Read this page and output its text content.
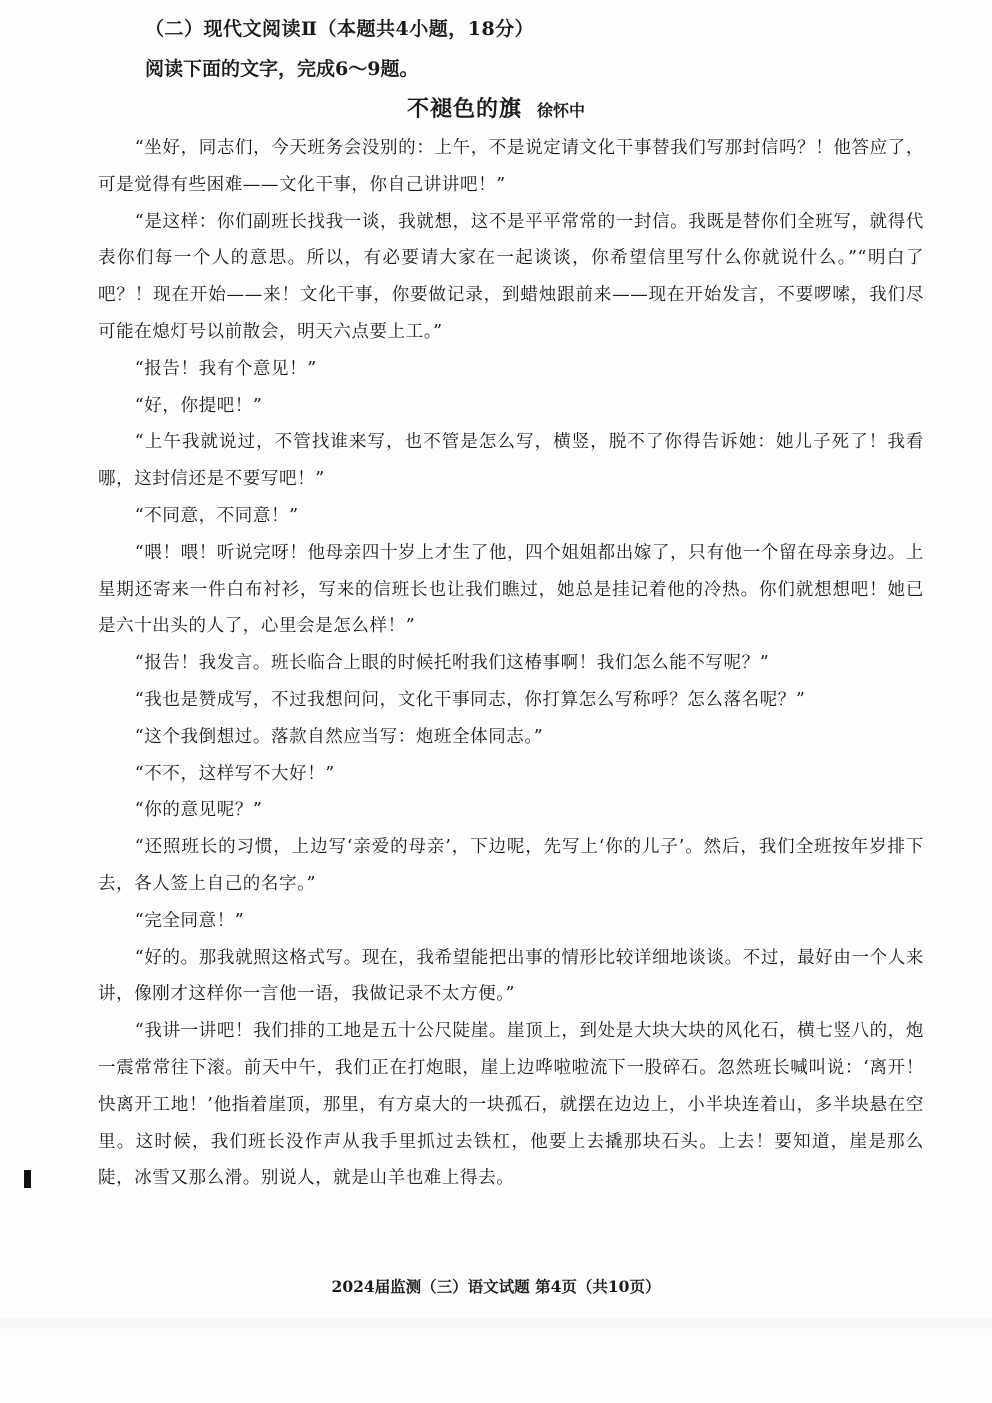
（二）现代文阅读Ⅱ（本题共4小题，18分）
阅读下面的文字，完成6～9题。
不褪色的旗 徐怀中

“坐好，同志们，今天班务会没别的：上午，不是说定请文化干事替我们写那封信吗？！他答应了，可是觉得有些困难——文化干事，你自己讲讲吧！”

“是这样：你们副班长找我一谈，我就想，这不是平平常常的一封信。我既是替你们全班写，就得代表你们每一个人的意思。所以，有必要请大家在一起谈谈，你希望信里写什么你就说什么。”“明白了吧？！现在开始——来！文化干事，你要做记录，到蜡烛跟前来——现在开始发言，不要啰嗦，我们尽可能在熄灯号以前散会，明天六点要上工。”

“报告！我有个意见！”

“好，你提吧！”

“上午我就说过，不管找谁来写，也不管是怎么写，横竖，脱不了你得告诉她：她儿子死了！我看哪，这封信还是不要写吧！”

“不同意，不同意！”

“喂！喂！听说完呀！他母亲四十岁上才生了他，四个姐姐都出嫁了，只有他一个留在母亲身边。上星期还寄来一件白布衬衫，写来的信班长也让我们瞧过，她总是挂记着他的冷热。你们就想想吧！她已是六十出头的人了，心里会是怎么样！”

“报告！我发言。班长临合上眼的时候托咐我们这椿事啊！我们怎么能不写呢？”

“我也是赞成写，不过我想问问，文化干事同志，你打算怎么写称呼？怎么落名呢？”

“这个我倒想过。落款自然应当写：炮班全体同志。”

“不不，这样写不大好！”

“你的意见呢？”

“还照班长的习惯，上边写‘亲爱的母亲’，下边呢，先写上‘你的儿子’。然后，我们全班按年岁排下去，各人签上自己的名字。”

“完全同意！”

“好的。那我就照这格式写。现在，我希望能把出事的情形比较详细地谈谈。不过，最好由一个人来讲，像刚才这样你一言他一语，我做记录不太方便。”

“我讲一讲吧！我们排的工地是五十公尺陡崖。崖顶上，到处是大块大块的风化石，横七竖八的，炮一震常常往下滚。前天中午，我们正在打炮眼，崖上边哗啦啦流下一股碎石。忽然班长喊叫说：‘离开！快离开工地！’他指着崖顶，那里，有方桌大的一块孤石，就摆在边边上，小半块连着山，多半块悬在空里。这时候，我们班长没作声从我手里抓过去铁杠，他要上去撬那块石头。上去！要知道，崖是那么陡，冰雪又那么滑。别说人，就是山羊也难上得去。

2024届监测（三）语文试题 第4页（共10页）
